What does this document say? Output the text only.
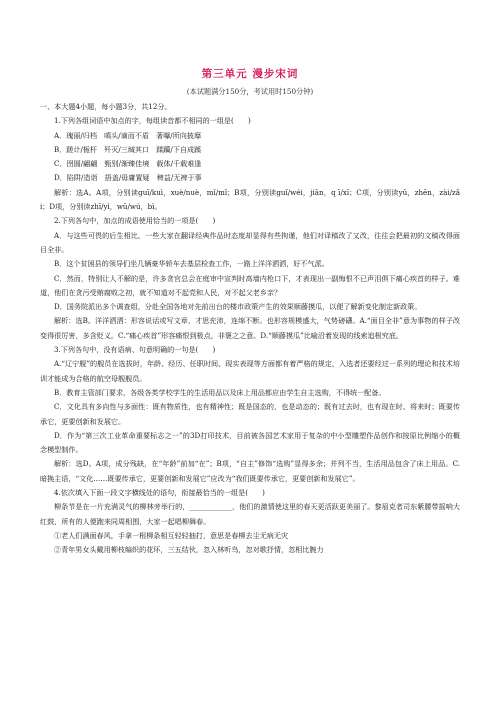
第三单元 漫步宋词

(本试题满分150分，考试用时150分钟)

一、本大题4小题，每小题3分，共12分。

1.下列各组词语中加点的字，每组读音都不相同的一组是(　　)

A．瑰丽/归档　嗔头/谪而不盾　著曝/所向披靡

B．蹉计/栀杆　歼灭/三缄其口　蹂躏/下自成蹊

C．囹圄/翩翩　甄别/渐臻佳境　载体/千载难逢

D．陷阱/造诣　捂盖/毋庸置疑　稗益/无裨于事

解析：选A。A项，分别读guī/kuì，xuè/nuè，mǐ/mǐ；B项，分别读guǐ/wéi，jiān，q ī/xī；C项，分别读yǔ，zhēn，zài/zǎi；D项，分别读zhī/yì，wū/wú，bì。

2.下列各句中，加点的成语使用恰当的一项是(　　)

A．与这些可畏的后生相比，一些大家在翻译经典作品时态度却显得有些拘谨，他们对译稿改了又改，往往会把最初的文稿改得面目全非。

B．这个贫困县的领导们坐几辆豪华轿车去基层检查工作，一路上洋洋洒洒，好不气派。

C．然而，特别让人不解的是，许多贪官总会在庭审中宣判时高墙内枪口下，才表现出一副悔恨不已声泪俱下痛心疾首的样子。难道，他们在贪污受贿腐败之初，就不知道对不起党和人民，对不起父老乡亲？

D．国务院派出多个调查组，分赴全国各地对先前出台的楼市政策产生的效果顺藤摸瓜，以便了解新变化制定新政策。

解析：选B。洋洋洒洒：形容说话或写文章，才思充沛，连绵不断。也形容规模盛大，气势磅礴。A.“面目全非”意为事物的样子改变得很厉害，多含贬义。C.“痛心疾首”形容痛恨到极点，非褒之之意。D.“顺藤摸瓜”比喻沿着发现的线索追根究底。

3.下列各句中，没有语病、句意明确的一句是(　　)

A.“辽宁舰”的舰员在选拔时，年龄、经历、任职时间、现实表现等方面都有着严格的规定，入选者还要经过一系列的理论和技术培训才能成为合格的航空母舰舰员。

B．教育主管部门要求，各级各类学校学生的生活用品以及床上用品都应由学生自主选购，不得统一配备。

C．文化具有多向性与多面性：既有物质性，也有精神性；既是国态的，也是动态的；既有过去时，也有现在时、将来时；既要传承它，更要创新和发展它。

D．作为“第三次工业革命重要标志之一”的3D打印技术，目前被各国艺术家用于复杂的中小型雕塑作品创作和按原比例缩小的概念模型制作。

解析：选D。A项，成分残缺，在“年龄”前加“在”；B项，“自主”修饰“选购”显得多余；并列不当，生活用品包含了床上用品。C.暗换主语，“文化……既要传承它，更要创新和发展它”应改为“我们既要传承它，更要创新和发展它”。

4.依次填入下面一段文字横线处的语句，衔接最恰当的一组是(　　)

柳条节是在一片充满灵气的柳林旁举行的，____________，他们的激情使这里的春天更活跃更美丽了。黎眉克者司东紫腰带摇响大红鼓，所有的人便跑来同周相围，大家一起唱柳舞春。

①老人们满面春风，手拿一根柳条相互轻轻抽打，意思是春柳去尘无病无灾

②青年男女头戴用柳枝编织的花环，三五结伙，忽入林听鸟，忽对歌抒情，忽相比腕力
